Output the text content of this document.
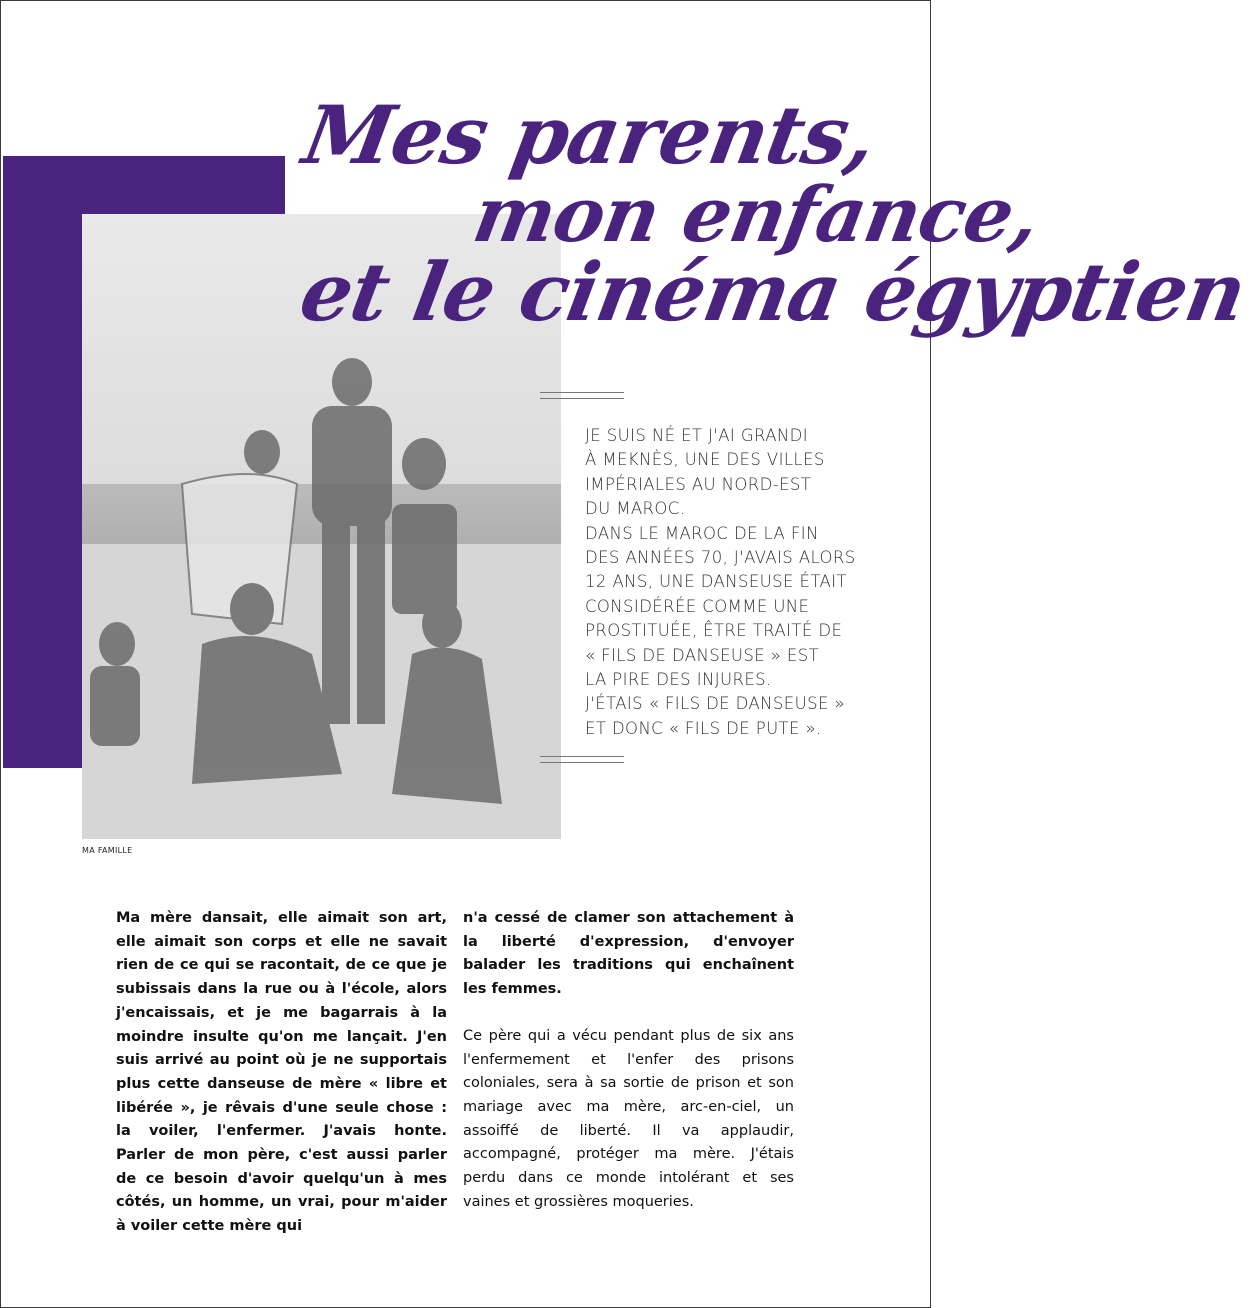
MA FAMILLE
Mes parents,
mon enfance,
et le cinéma égyptien
JE SUIS NÉ ET J'AI GRANDI
À MEKNÈS, UNE DES VILLES
IMPÉRIALES AU NORD-EST
DU MAROC.
DANS LE MAROC DE LA FIN
DES ANNÉES 70, J'AVAIS ALORS
12 ANS, UNE DANSEUSE ÉTAIT
CONSIDÉRÉE COMME UNE
PROSTITUÉE, ÊTRE TRAITÉ DE
« FILS DE DANSEUSE » EST
LA PIRE DES INJURES.
J'ÉTAIS « FILS DE DANSEUSE »
ET DONC « FILS DE PUTE ».

Ma mère dansait, elle aimait son art, elle aimait son corps et elle ne savait rien de ce qui se racontait, de ce que je subissais dans la rue ou à l'école, alors j'encaissais, et je me bagarrais à la moindre insulte qu'on me lançait. J'en suis arrivé au point où je ne supportais plus cette danseuse de mère « libre et libérée », je rêvais d'une seule chose : la voiler, l'enfermer. J'avais honte. Parler de mon père, c'est aussi parler de ce besoin d'avoir quelqu'un à mes côtés, un homme, un vrai, pour m'aider à voiler cette mère qui

n'a cessé de clamer son attachement à la liberté d'expression, d'envoyer balader les traditions qui enchaînent les femmes.

Ce père qui a vécu pendant plus de six ans l'enfermement et l'enfer des prisons coloniales, sera à sa sortie de prison et son mariage avec ma mère, arc-en-ciel, un assoiffé de liberté. Il va applaudir, accompagné, protéger ma mère. J'étais perdu dans ce monde intolérant et ses vaines et grossières moqueries.
